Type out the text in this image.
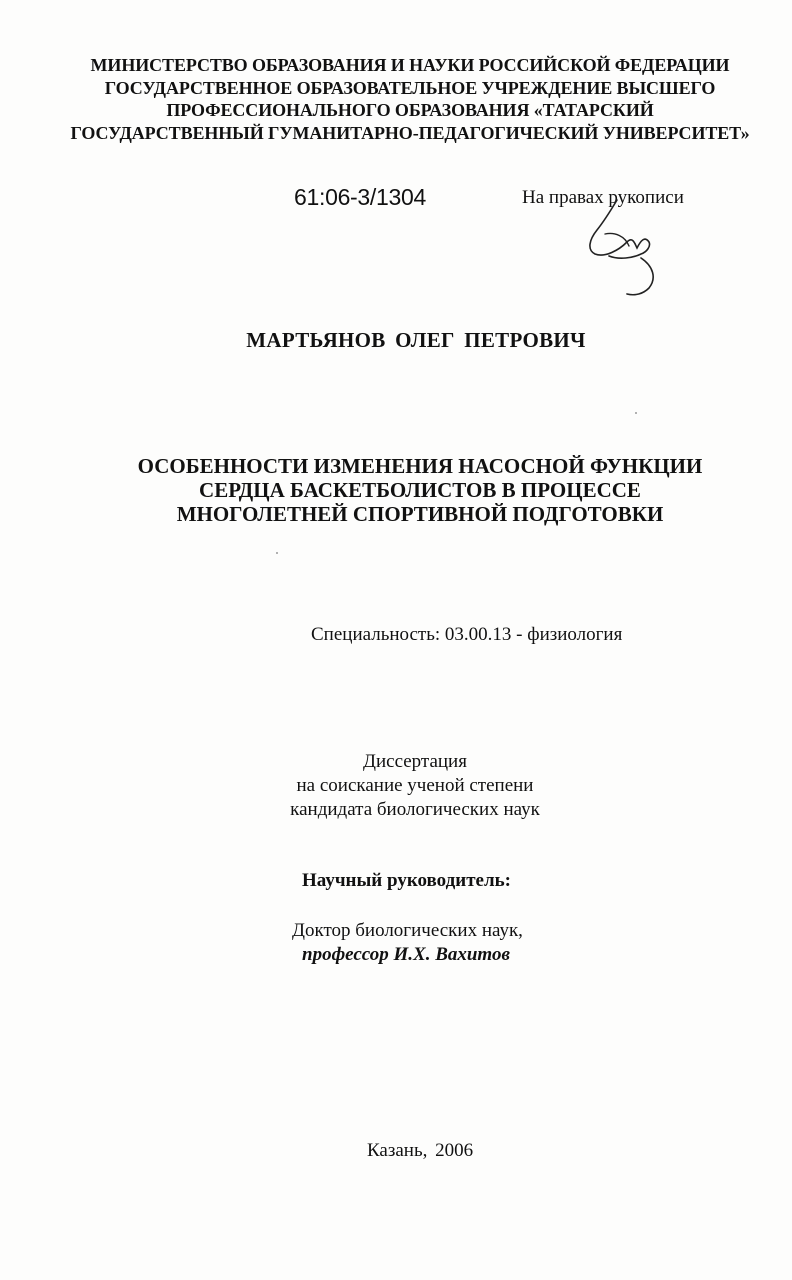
МИНИСТЕРСТВО ОБРАЗОВАНИЯ И НАУКИ РОССИЙСКОЙ ФЕДЕРАЦИИ
ГОСУДАРСТВЕННОЕ ОБРАЗОВАТЕЛЬНОЕ УЧРЕЖДЕНИЕ ВЫСШЕГО
ПРОФЕССИОНАЛЬНОГО ОБРАЗОВАНИЯ «ТАТАРСКИЙ
ГОСУДАРСТВЕННЫЙ ГУМАНИТАРНО-ПЕДАГОГИЧЕСКИЙ УНИВЕРСИТЕТ»
61:06-3/1304	На правах рукописи
МАРТЬЯНОВ ОЛЕГ ПЕТРОВИЧ
ОСОБЕННОСТИ ИЗМЕНЕНИЯ НАСОСНОЙ ФУНКЦИИ
СЕРДЦА БАСКЕТБОЛИСТОВ В ПРОЦЕССЕ
МНОГОЛЕТНЕЙ СПОРТИВНОЙ ПОДГОТОВКИ
Специальность: 03.00.13 - физиология
Диссертация
на соискание ученой степени
кандидата биологических наук
Научный руководитель:
Доктор биологических наук,
профессор И.Х. Вахитов
Казань, 2006
